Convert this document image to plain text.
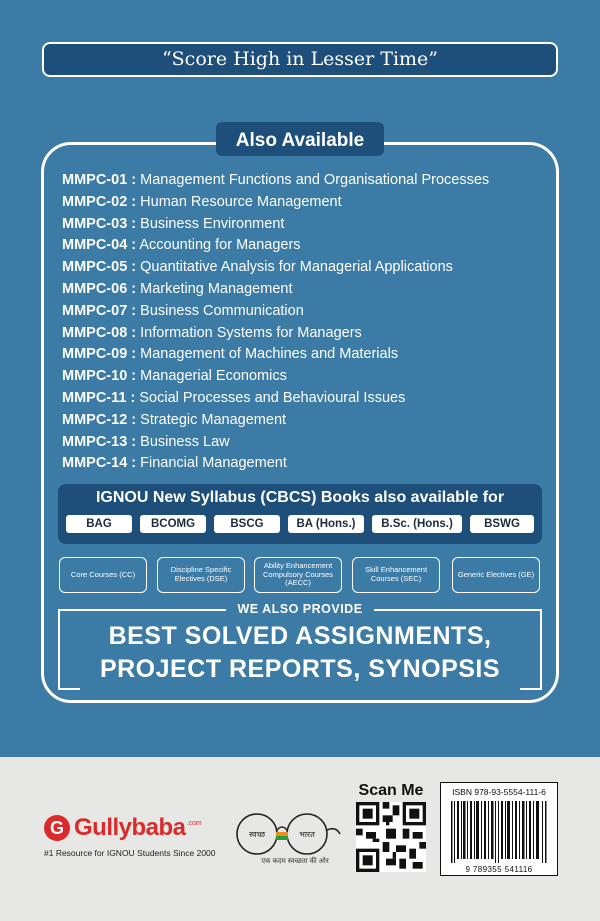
“Score High in Lesser Time”
Also Available
MMPC-01 : Management Functions and Organisational Processes
MMPC-02 : Human Resource Management
MMPC-03 : Business Environment
MMPC-04 : Accounting for Managers
MMPC-05 : Quantitative Analysis for Managerial Applications
MMPC-06 : Marketing Management
MMPC-07 : Business Communication
MMPC-08 : Information Systems for Managers
MMPC-09 : Management of Machines and Materials
MMPC-10 : Managerial Economics
MMPC-11 : Social Processes and Behavioural Issues
MMPC-12 : Strategic Management
MMPC-13 : Business Law
MMPC-14 : Financial Management
IGNOU New Syllabus (CBCS) Books also available for
BAG	BCOMG	BSCG	BA (Hons.)	B.Sc. (Hons.)	BSWG
Core Courses (CC)	Discipline Specific Electives (DSE)
Ability Enhancement Compulsory Courses (AECC)
Skill Enhancement Courses (SEC)	Generic Electives (GE)
WE ALSO PROVIDE
BEST SOLVED ASSIGNMENTS,
PROJECT REPORTS, SYNOPSIS
G Gullybaba .com
#1 Resource for IGNOU Students Since 2000
स्वच्छ	भारत
एक कदम स्वच्छता की ओर
Scan Me	ISBN 978-93-5554-111-6
9 789355 541116
